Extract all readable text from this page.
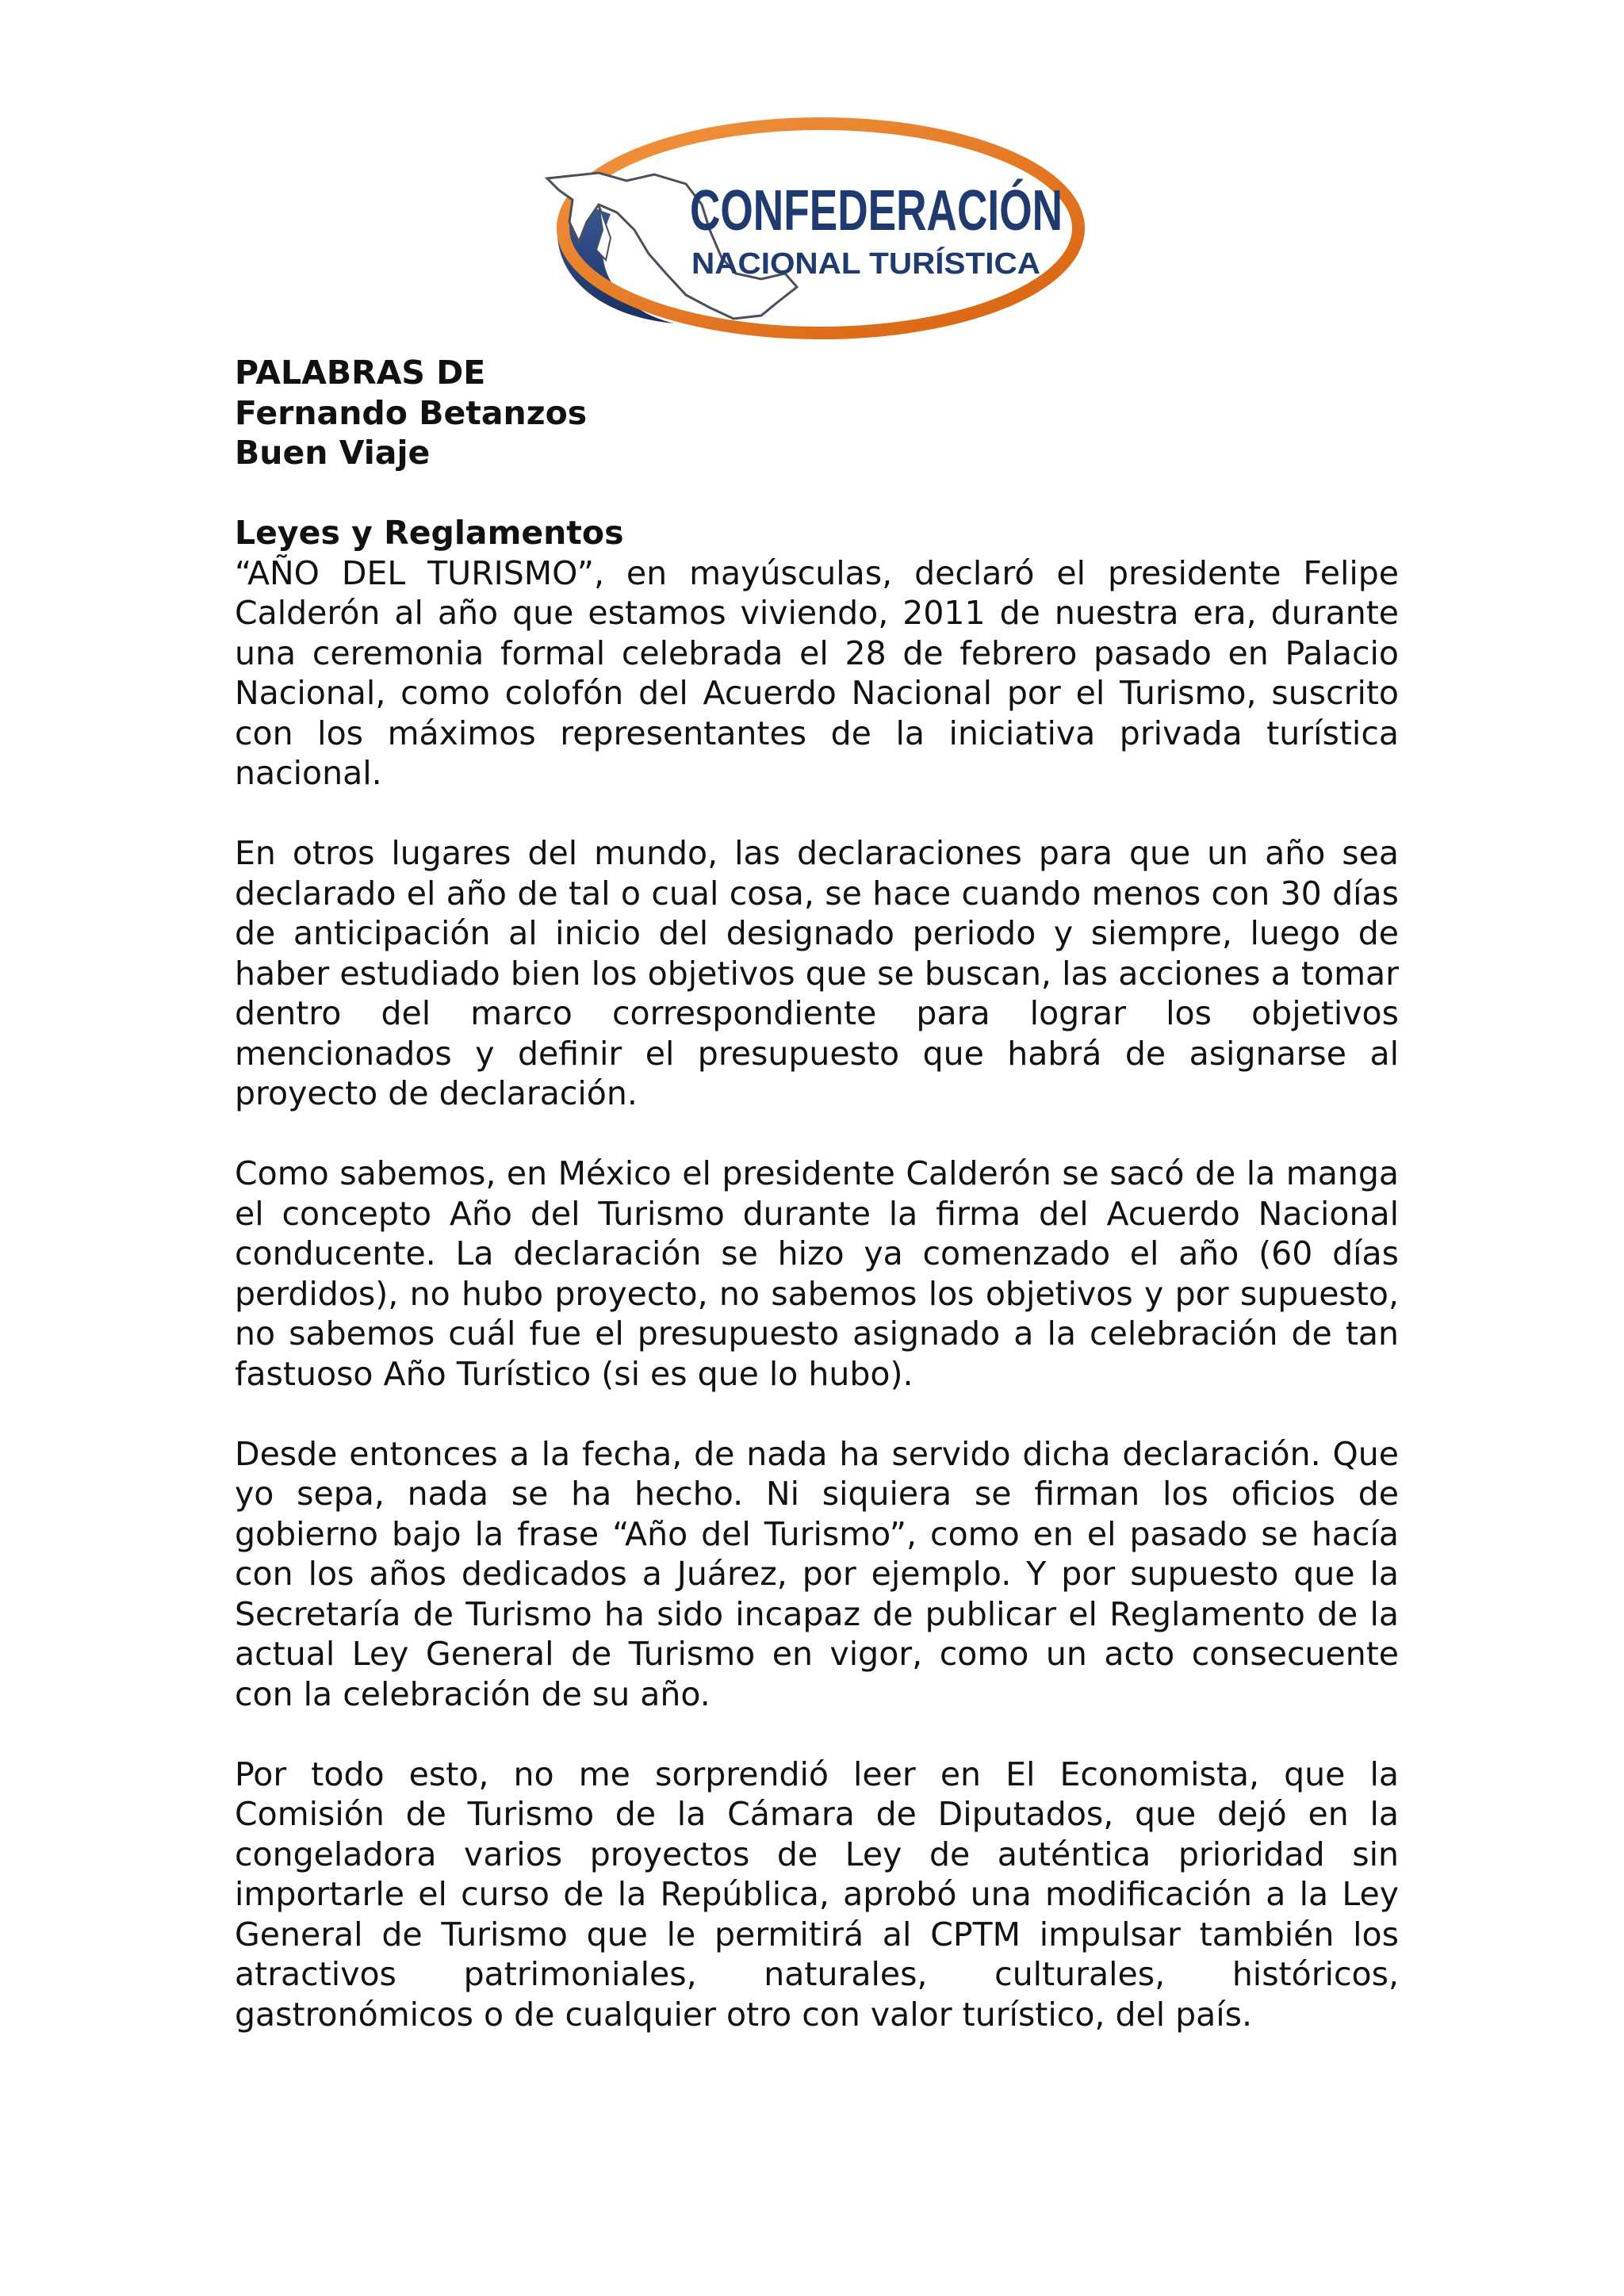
CONFEDERACIÓN
NACIONAL TURÍSTICA
PALABRAS DE
Fernando Betanzos
Buen Viaje
Leyes y Reglamentos

“AÑO DEL TURISMO”, en mayúsculas, declaró el presidente Felipe Calderón al año que estamos viviendo, 2011 de nuestra era, durante una ceremonia formal celebrada el 28 de febrero pasado en Palacio Nacional, como colofón del Acuerdo Nacional por el Turismo, suscrito con los máximos representantes de la iniciativa privada turística nacional.

En otros lugares del mundo, las declaraciones para que un año sea declarado el año de tal o cual cosa, se hace cuando menos con 30 días de anticipación al inicio del designado periodo y siempre, luego de haber estudiado bien los objetivos que se buscan, las acciones a tomar dentro del marco correspondiente para lograr los objetivos mencionados y definir el presupuesto que habrá de asignarse al proyecto de declaración.

Como sabemos, en México el presidente Calderón se sacó de la manga el concepto Año del Turismo durante la firma del Acuerdo Nacional conducente. La declaración se hizo ya comenzado el año (60 días perdidos), no hubo proyecto, no sabemos los objetivos y por supuesto, no sabemos cuál fue el presupuesto asignado a la celebración de tan fastuoso Año Turístico (si es que lo hubo).

Desde entonces a la fecha, de nada ha servido dicha declaración. Que yo sepa, nada se ha hecho. Ni siquiera se firman los oficios de gobierno bajo la frase “Año del Turismo”, como en el pasado se hacía con los años dedicados a Juárez, por ejemplo. Y por supuesto que la Secretaría de Turismo ha sido incapaz de publicar el Reglamento de la actual Ley General de Turismo en vigor, como un acto consecuente con la celebración de su año.

Por todo esto, no me sorprendió leer en El Economista, que la Comisión de Turismo de la Cámara de Diputados, que dejó en la congeladora varios proyectos de Ley de auténtica prioridad sin importarle el curso de la República, aprobó una modificación a la Ley General de Turismo que le permitirá al CPTM impulsar también los atractivos patrimoniales, naturales, culturales, históricos, gastronómicos o de cualquier otro con valor turístico, del país.
